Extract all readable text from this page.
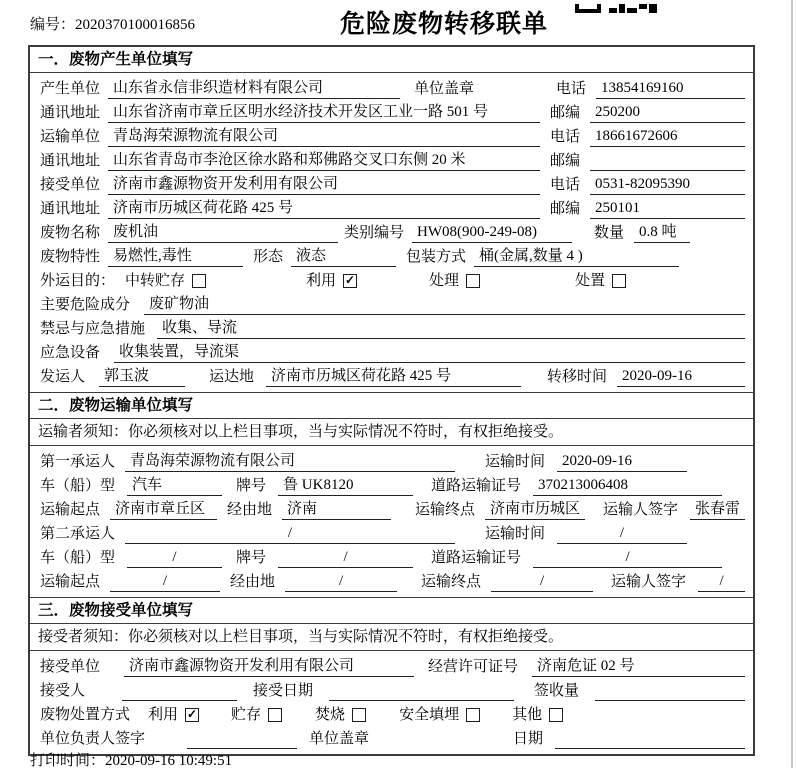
编号：2020370100016856	危险废物转移联单
一．废物产生单位填写
产生单位 山东省永信非织造材料有限公司	单位盖章	电话	13854169160
通讯地址 山东省济南市章丘区明水经济技术开发区工业一路 501 号	邮编	250200
运输单位 青岛海荣源物流有限公司	电话	18661672606
通讯地址 山东省青岛市李沧区徐水路和郑佛路交叉口东侧 20 米	邮编
接受单位 济南市鑫源物资开发利用有限公司	电话	0531-82095390
通讯地址 济南市历城区荷花路 425 号	邮编	250101
废物名称 废机油	类别编号 HW08(900-249-08)	数量	0.8 吨
废物特性 易燃性,毒性	形态 液态	包装方式 桶(金属,数量 4 )
外运目的： 中转贮存	利用 ✓	处理	处置
主要危险成分	废矿物油
禁忌与应急措施	收集、导流
应急设备	收集装置，导流渠
发运人	郭玉波	运达地	济南市历城区荷花路 425 号	转移时间	2020-09-16
二．废物运输单位填写
运输者须知：你必须核对以上栏目事项，当与实际情况不符时，有权拒绝接受。
第一承运人	青岛海荣源物流有限公司	运输时间	2020-09-16
车（船）型	汽车	牌号	鲁 UK8120	道路运输证号	370213006408
运输起点	济南市章丘区	经由地	济南	运输终点	济南市历城区	运输人签字	张春雷
第二承运人	/	运输时间	/
车（船）型	/	牌号	/	道路运输证号	/
运输起点	/	经由地	/	运输终点	/	运输人签字	/
三．废物接受单位填写
接受者须知：你必须核对以上栏目事项，当与实际情况不符时，有权拒绝接受。
接受单位	济南市鑫源物资开发利用有限公司	经营许可证号	济南危证 02 号
接受人	接受日期	签收量
废物处置方式 利用 ✓ 贮存	焚烧	安全填埋	其他
单位负责人签字	单位盖章	日期
打印时间：2020-09-16 10:49:51
